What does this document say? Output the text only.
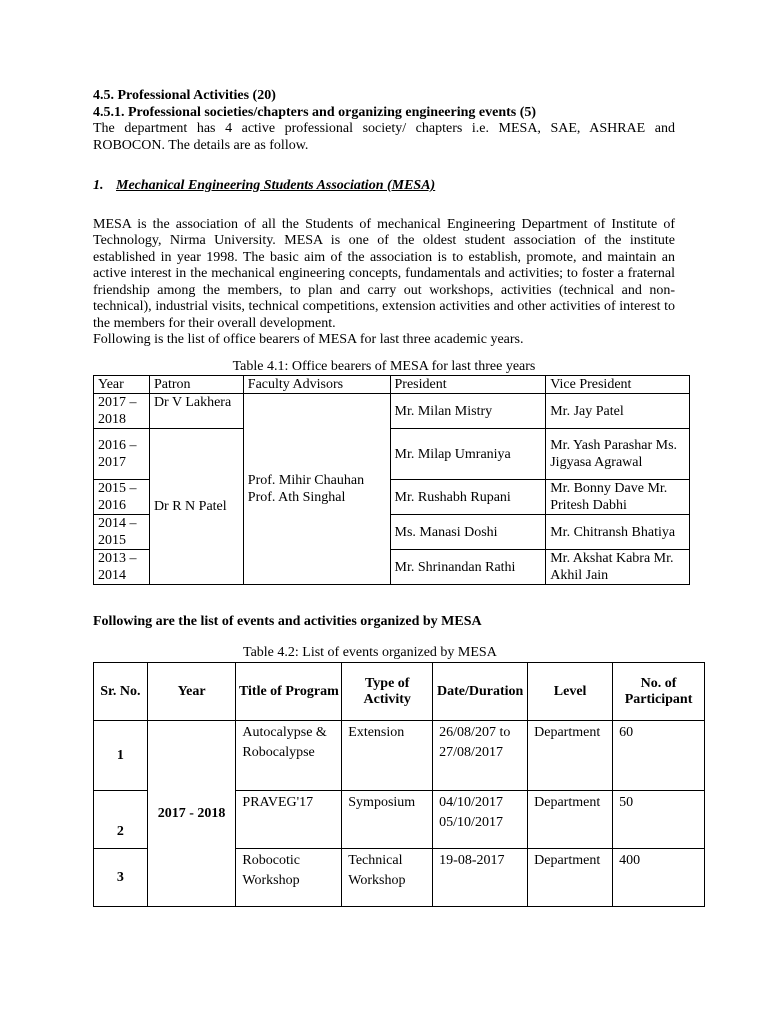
4.5. Professional Activities (20)
4.5.1. Professional societies/chapters and organizing engineering events (5)

The department has 4 active professional society/ chapters i.e. MESA, SAE, ASHRAE and

ROBOCON. The details are as follow.

1. Mechanical Engineering Students Association (MESA)

MESA is the association of all the Students of mechanical Engineering Department of Institute of Technology, Nirma University. MESA is one of the oldest student association of the institute established in year 1998. The basic aim of the association is to establish, promote, and maintain an active interest in the mechanical engineering concepts, fundamentals and activities; to foster a fraternal friendship among the members, to plan and carry out workshops, activities (technical and non-technical), industrial visits, technical competitions, extension activities and other activities of interest to the members for their overall development.

Following is the list of office bearers of MESA for last three academic years.

Table 4.1: Office bearers of MESA for last three years
Year	Patron	Faculty Advisors	President	Vice President
2017 – 2018	Dr V Lakhera	Prof. Mihir Chauhan Prof. Ath Singhal	Mr. Milan Mistry	Mr. Jay Patel
2016 – 2017	Dr R N Patel		Mr. Milap Umraniya	Mr. Yash Parashar Ms. Jigyasa Agrawal
2015 – 2016			Mr. Rushabh Rupani	Mr. Bonny Dave Mr. Pritesh Dabhi
2014 – 2015			Ms. Manasi Doshi	Mr. Chitransh Bhatiya
2013 – 2014			Mr. Shrinandan Rathi	Mr. Akshat Kabra Mr. Akhil Jain
Following are the list of events and activities organized by MESA
Table 4.2: List of events organized by MESA
Sr. No.	Year	Title of Program	Type of Activity	Date/Duration	Level	No. of Participant
1	2017 - 2018	Autocalypse & Robocalypse	Extension	26/08/207 to 27/08/2017	Department	60
2		PRAVEG'17	Symposium	04/10/2017 05/10/2017	Department	50
3		Robocotic Workshop	Technical Workshop	19-08-2017	Department	400
